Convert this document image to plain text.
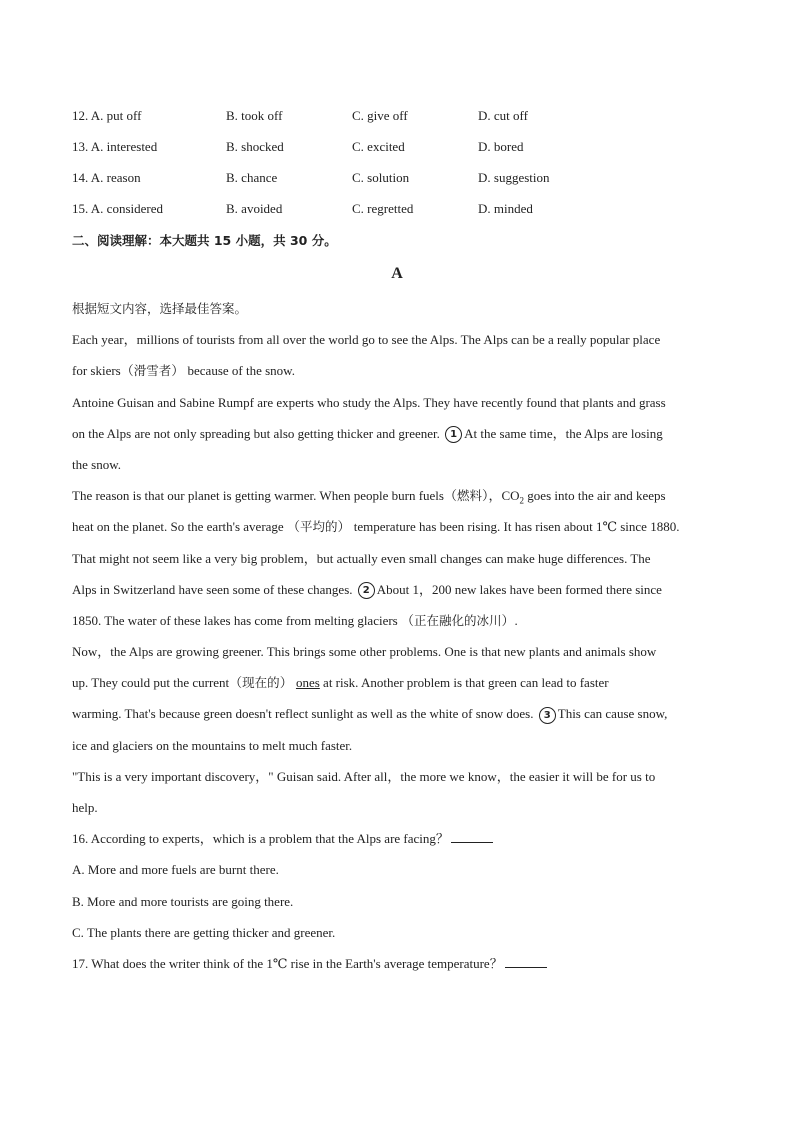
12. A. put off	B. took off	C. give off	D. cut off
13. A. interested	B. shocked	C. excited	D. bored
14. A. reason	B. chance	C. solution	D. suggestion
15. A. considered	B. avoided	C. regretted	D. minded
二、阅读理解：本大题共 15 小题，共 30 分。
A
根据短文内容，选择最佳答案。
Each year，millions of tourists from all over the world go to see the Alps. The Alps can be a really popular place
for skiers（滑雪者） because of the snow.
Antoine Guisan and Sabine Rumpf are experts who study the Alps. They have recently found that plants and grass
on the Alps are not only spreading but also getting thicker and greener. 1 At the same time，the Alps are losing
the snow.
The reason is that our planet is getting warmer. When people burn fuels（燃料），$CO_2$ goes into the air and keeps
heat on the planet. So the earth's average （平均的） temperature has been rising. It has risen about 1℃ since 1880.
That might not seem like a very big problem，but actually even small changes can make huge differences. The
Alps in Switzerland have seen some of these changes. 2 About 1，200 new lakes have been formed there since
1850. The water of these lakes has come from melting glaciers （正在融化的冰川）.
Now，the Alps are growing greener. This brings some other problems. One is that new plants and animals show
up. They could put the current（现在的） ones at risk. Another problem is that green can lead to faster
warming. That's because green doesn't reflect sunlight as well as the white of snow does. 3 This can cause snow,
ice and glaciers on the mountains to melt much faster.
"This is a very important discovery，" Guisan said. After all，the more we know，the easier it will be for us to
help.
16. According to experts，which is a problem that the Alps are facing？
A. More and more fuels are burnt there.
B. More and more tourists are going there.
C. The plants there are getting thicker and greener.
17. What does the writer think of the 1℃ rise in the Earth's average temperature？
